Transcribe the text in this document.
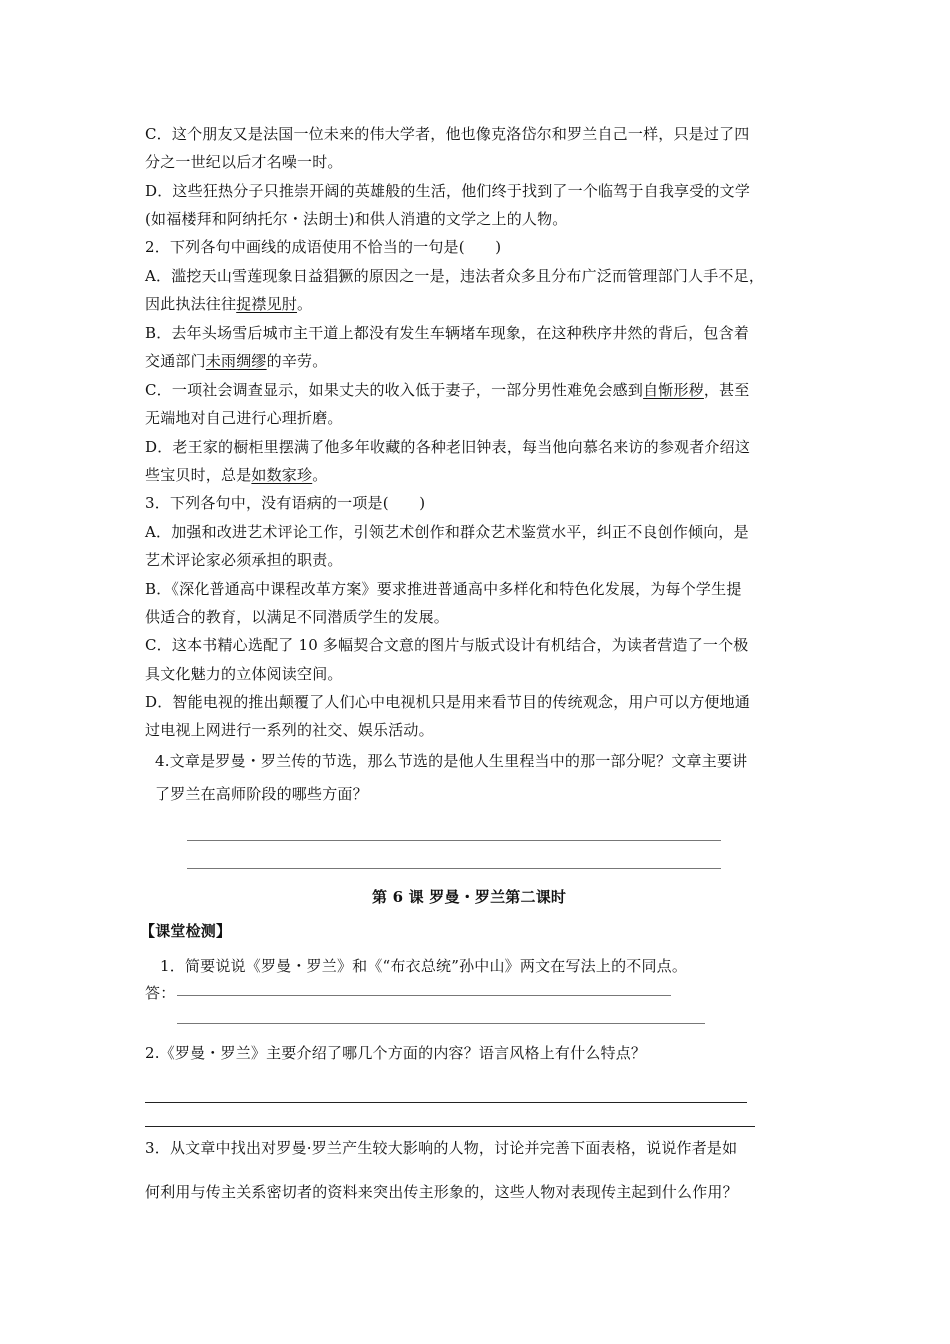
C．这个朋友又是法国一位未来的伟大学者，他也像克洛岱尔和罗兰自己一样，只是过了四
分之一世纪以后才名噪一时。
D．这些狂热分子只推崇开阔的英雄般的生活，他们终于找到了一个临驾于自我享受的文学
(如福楼拜和阿纳托尔・法朗士)和供人消遣的文学之上的人物。
2．下列各句中画线的成语使用不恰当的一句是(　　)
A．滥挖天山雪莲现象日益猖獗的原因之一是，违法者众多且分布广泛而管理部门人手不足，
因此执法往往捉襟见肘。
B．去年头场雪后城市主干道上都没有发生车辆堵车现象，在这种秩序井然的背后，包含着
交通部门未雨绸缪的辛劳。
C．一项社会调查显示，如果丈夫的收入低于妻子，一部分男性难免会感到自惭形秽，甚至
无端地对自己进行心理折磨。
D．老王家的橱柜里摆满了他多年收藏的各种老旧钟表，每当他向慕名来访的参观者介绍这
些宝贝时，总是如数家珍。
3．下列各句中，没有语病的一项是(　　)
A．加强和改进艺术评论工作，引领艺术创作和群众艺术鉴赏水平，纠正不良创作倾向，是
艺术评论家必须承担的职责。
B．《深化普通高中课程改革方案》要求推进普通高中多样化和特色化发展，为每个学生提
供适合的教育，以满足不同潜质学生的发展。
C．这本书精心选配了 10 多幅契合文意的图片与版式设计有机结合，为读者营造了一个极
具文化魅力的立体阅读空间。
D．智能电视的推出颠覆了人们心中电视机只是用来看节目的传统观念，用户可以方便地通
过电视上网进行一系列的社交、娱乐活动。
4.文章是罗曼・罗兰传的节选，那么节选的是他人生里程当中的那一部分呢？文章主要讲
了罗兰在高师阶段的哪些方面？
第 6 课 罗曼・罗兰第二课时
【课堂检测】
1．简要说说《罗曼・罗兰》和《“布衣总统”孙中山》两文在写法上的不同点。
答：
2.《罗曼・罗兰》主要介绍了哪几个方面的内容？语言风格上有什么特点？
3．从文章中找出对罗曼·罗兰产生较大影响的人物，讨论并完善下面表格，说说作者是如
何利用与传主关系密切者的资料来突出传主形象的，这些人物对表现传主起到什么作用？
